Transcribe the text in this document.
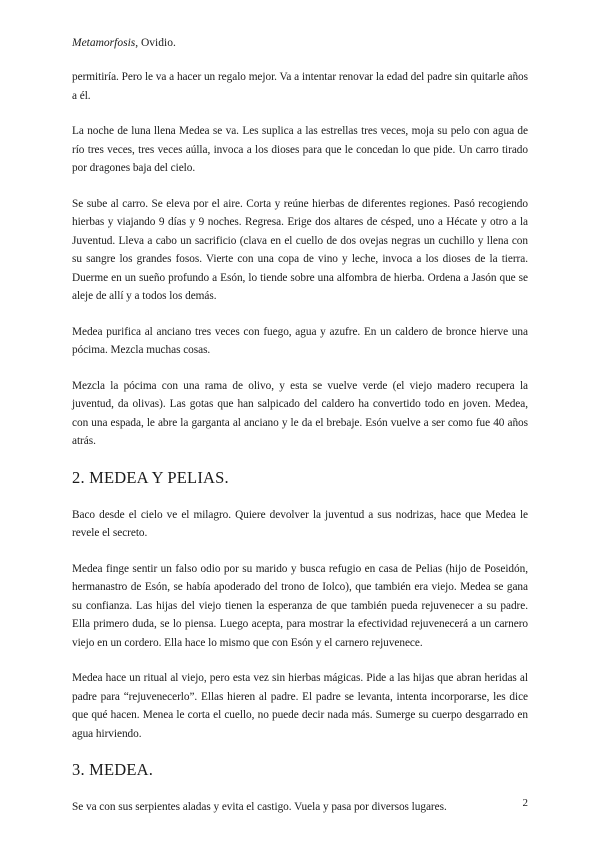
Metamorfosis, Ovidio.

permitiría. Pero le va a hacer un regalo mejor. Va a intentar renovar la edad del padre sin quitarle años a él.

La noche de luna llena Medea se va. Les suplica a las estrellas tres veces, moja su pelo con agua de río tres veces, tres veces aúlla, invoca a los dioses para que le concedan lo que pide. Un carro tirado por dragones baja del cielo.

Se sube al carro. Se eleva por el aire. Corta y reúne hierbas de diferentes regiones. Pasó recogiendo hierbas y viajando 9 días y 9 noches. Regresa. Erige dos altares de césped, uno a Hécate y otro a la Juventud. Lleva a cabo un sacrificio (clava en el cuello de dos ovejas negras un cuchillo y llena con su sangre los grandes fosos. Vierte con una copa de vino y leche, invoca a los dioses de la tierra. Duerme en un sueño profundo a Esón, lo tiende sobre una alfombra de hierba. Ordena a Jasón que se aleje de allí y a todos los demás.

Medea purifica al anciano tres veces con fuego, agua y azufre. En un caldero de bronce hierve una pócima. Mezcla muchas cosas.

Mezcla la pócima con una rama de olivo, y esta se vuelve verde (el viejo madero recupera la juventud, da olivas). Las gotas que han salpicado del caldero ha convertido todo en joven. Medea, con una espada, le abre la garganta al anciano y le da el brebaje. Esón vuelve a ser como fue 40 años atrás.

2. MEDEA Y PELIAS.

Baco desde el cielo ve el milagro. Quiere devolver la juventud a sus nodrizas, hace que Medea le revele el secreto.

Medea finge sentir un falso odio por su marido y busca refugio en casa de Pelias (hijo de Poseidón, hermanastro de Esón, se había apoderado del trono de Iolco), que también era viejo. Medea se gana su confianza. Las hijas del viejo tienen la esperanza de que también pueda rejuvenecer a su padre. Ella primero duda, se lo piensa. Luego acepta, para mostrar la efectividad rejuvenecerá a un carnero viejo en un cordero. Ella hace lo mismo que con Esón y el carnero rejuvenece.

Medea hace un ritual al viejo, pero esta vez sin hierbas mágicas. Pide a las hijas que abran heridas al padre para “rejuvenecerlo”. Ellas hieren al padre. El padre se levanta, intenta incorporarse, les dice que qué hacen. Menea le corta el cuello, no puede decir nada más. Sumerge su cuerpo desgarrado en agua hirviendo.

3. MEDEA.

Se va con sus serpientes aladas y evita el castigo. Vuela y pasa por diversos lugares.	2
